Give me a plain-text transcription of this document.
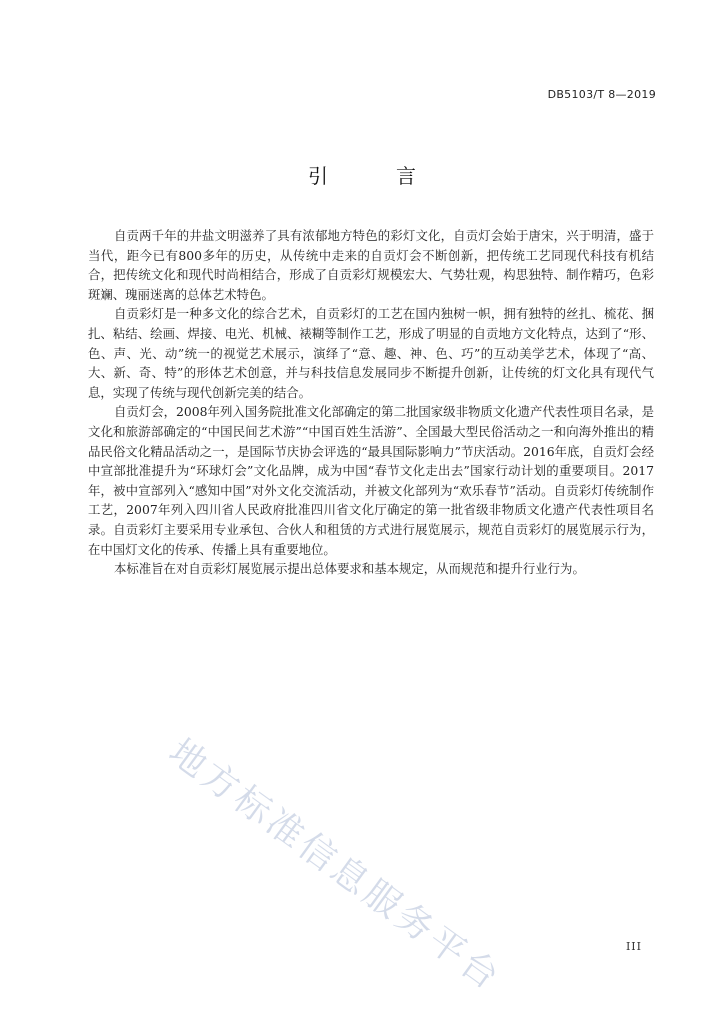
DB5103/T 8—2019
引　言

自贡两千年的井盐文明滋养了具有浓郁地方特色的彩灯文化，自贡灯会始于唐宋，兴于明清，盛于当代，距今已有800多年的历史，从传统中走来的自贡灯会不断创新，把传统工艺同现代科技有机结合，把传统文化和现代时尚相结合，形成了自贡彩灯规模宏大、气势壮观，构思独特、制作精巧，色彩斑斓、瑰丽迷离的总体艺术特色。

自贡彩灯是一种多文化的综合艺术，自贡彩灯的工艺在国内独树一帜，拥有独特的丝扎、梳花、捆扎、粘结、绘画、焊接、电光、机械、裱糊等制作工艺，形成了明显的自贡地方文化特点，达到了“形、色、声、光、动”统一的视觉艺术展示，演绎了“意、趣、神、色、巧”的互动美学艺术，体现了“高、大、新、奇、特”的形体艺术创意，并与科技信息发展同步不断提升创新，让传统的灯文化具有现代气息，实现了传统与现代创新完美的结合。

自贡灯会，2008年列入国务院批准文化部确定的第二批国家级非物质文化遗产代表性项目名录，是文化和旅游部确定的“中国民间艺术游”“中国百姓生活游”、全国最大型民俗活动之一和向海外推出的精品民俗文化精品活动之一，是国际节庆协会评选的“最具国际影响力”节庆活动。2016年底，自贡灯会经中宣部批准提升为“环球灯会”文化品牌，成为中国“春节文化走出去”国家行动计划的重要项目。2017年，被中宣部列入“感知中国”对外文化交流活动，并被文化部列为“欢乐春节”活动。自贡彩灯传统制作工艺，2007年列入四川省人民政府批准四川省文化厅确定的第一批省级非物质文化遗产代表性项目名录。自贡彩灯主要采用专业承包、合伙人和租赁的方式进行展览展示，规范自贡彩灯的展览展示行为，在中国灯文化的传承、传播上具有重要地位。

本标准旨在对自贡彩灯展览展示提出总体要求和基本规定，从而规范和提升行业行为。

地方标准信息服务平台	III
